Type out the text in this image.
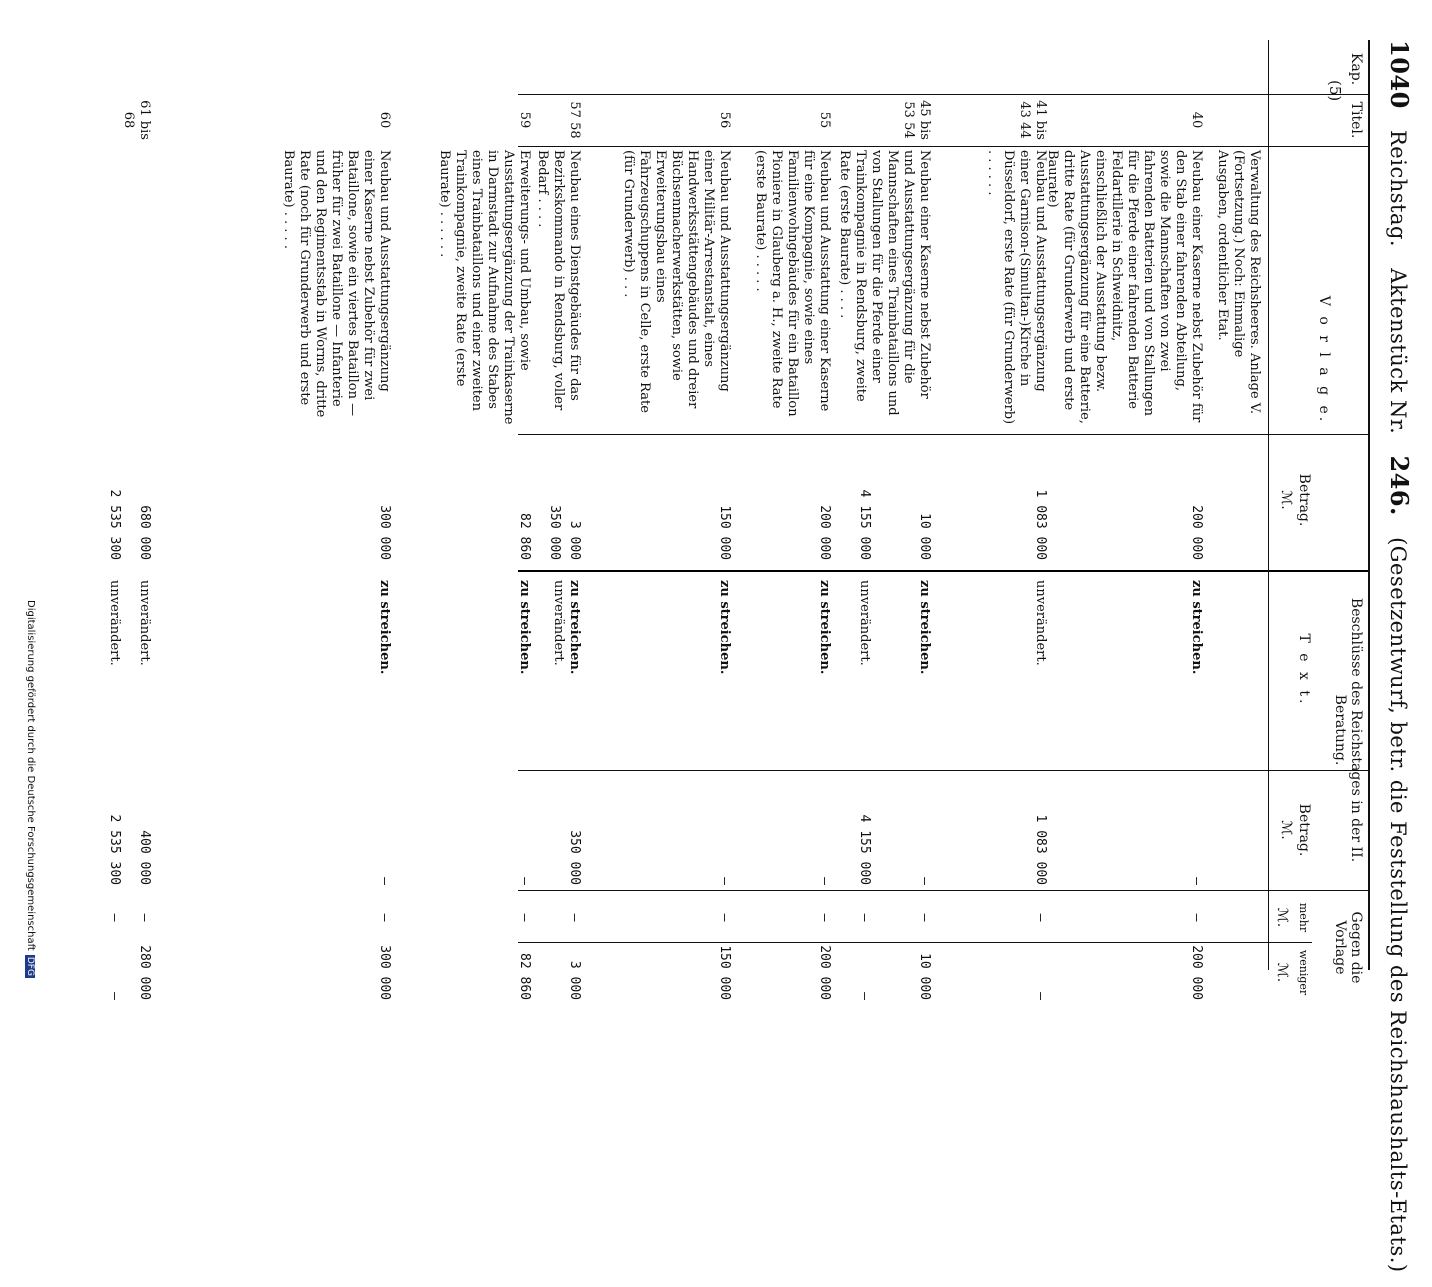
1040 Reichstag. Aktenstück Nr. 246. (Gesetzentwurf, betr. die Feststellung des Reichshaushalts-Etats.)
Kap.
Titel.
V o r l a g e.
Betrag.
ℳ.
Beschlüsse des Reichstages in der II. Beratung.
T e x t.
Betrag.
ℳ.
Gegen die Vorlage
mehr
weniger
ℳ.
ℳ.
(5)
Verwaltung des Reichsheeres. Anlage V. (Fortsetzung.) Noch: Einmalige Ausgaben, ordentlicher Etat.
40
Neubau einer Kaserne nebst Zubehör für den Stab einer fahrenden Abteilung, sowie die Mannschaften von zwei fahrenden Batterien und von Stallungen für die Pferde einer fahrenden Batterie Feldartillerie in Schweidnitz, einschließlich der Ausstattung bezw. Ausstattungsergänzung für eine Batterie, dritte Rate (für Grunderwerb und erste Baurate)
200 000
zu streichen.
—
—
200 000
41 bis 43 44
Neubau und Ausstattungsergänzung einer Garnison-(Simultan-)Kirche in Düsseldorf, erste Rate (für Grunderwerb) . . . . . .
1 083 000
unverändert.
1 083 000
—
—
45 bis 53 54
Neubau einer Kaserne nebst Zubehör und Ausstattungsergänzung für die Mannschaften eines Trainbataillons und von Stallungen für die Pferde einer Trainkompagnie in Rendsburg, zweite Rate (erste Baurate) . . . .
10 000
zu streichen.
—
—
10 000
4 155 000
unverändert.
4 155 000
—
—
55
Neubau und Ausstattung einer Kaserne für eine Kompagnie, sowie eines Familienwohngebäudes für ein Bataillon Pioniere in Glauberg a. H., zweite Rate (erste Baurate) . . . . .
200 000
zu streichen.
—
—
200 000
56
Neubau und Ausstattungsergänzung einer Militär-Arrestanstalt, eines Handwerksstättengebäudes und dreier Büchsenmacherwerkstätten, sowie Erweiterungsbau eines Fahrzeugschuppens in Celle, erste Rate (für Grunderwerb) . . .
150 000
zu streichen.
—
—
150 000
57 58
Neubau eines Dienstgebäudes für das Bezirkskommando in Rendsburg, voller Bedarf . . . .
3 000
zu streichen.
unverändert.
350 000
—
3 000
350 000
59
Erweiterungs- und Umbau, sowie Ausstattungsergänzung der Trainkaserne in Darmstadt zur Aufnahme des Stabes eines Trainbataillons und einer zweiten Trainkompagnie, zweite Rate (erste Baurate) . . . . . .
82 860
zu streichen.
—
—
82 860
60
Neubau und Ausstattungsergänzung einer Kaserne nebst Zubehör für zwei Bataillone, sowie ein viertes Bataillon — früher für zwei Bataillone — Infanterie und den Regimentsstab in Worms, dritte Rate (noch für Grunderwerb und erste Baurate) . . . . .
300 000
zu streichen.
—
—
300 000
61 bis 68
680 000
unverändert.
400 000
—
280 000
2 535 300
unverändert.
2 535 300
—
—
Digitalisierung gefördert durch die Deutsche ForschungsgemeinschaftDFG
